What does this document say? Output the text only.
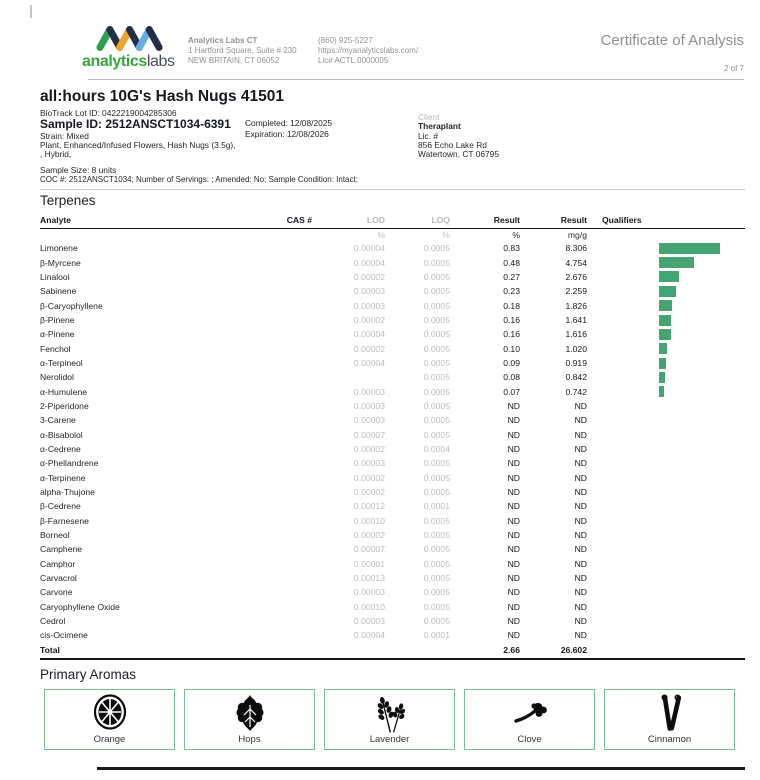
analyticslabs
Analytics Labs CT
1 Hartford Square, Suite # 230
NEW BRITAIN, CT 06052
(860) 925-5227
https://myanalyticslabs.com/
Lic# ACTL.0000005
Certificate of Analysis
2 of 7
all:hours 10G's Hash Nugs 41501
BioTrack Lot ID: 0422219004285306
Sample ID: 2512ANSCT1034-6391 Completed: 12/08/2025
Expiration: 12/08/2026
Strain: Mixed
Plant, Enhanced/Infused Flowers, Hash Nugs (3.5g),
, Hybrid,
Sample Size: 8 units
COC #: 2512ANSCT1034; Number of Servings: ; Amended: No; Sample Condition: Intact;
Client
Theraplant
Lic. #
856 Echo Lake Rd
Watertown, CT 06795
Terpenes
Analyte	CAS #	LOD	LOQ	Result	Result	Qualifiers
		%	%	%	mg/g	
Limonene		0.00004	0.0005	0.83	8.306	

β-Myrcene		0.00004	0.0005	0.48	4.754	

Linalool		0.00002	0.0005	0.27	2.676	

Sabinene		0.00003	0.0005	0.23	2.259	

β-Caryophyllene		0.00003	0.0005	0.18	1.826	

β-Pinene		0.00002	0.0005	0.16	1.641	

α-Pinene		0.00004	0.0005	0.16	1.616	

Fenchol		0.00002	0.0005	0.10	1.020	

α-Terpineol		0.00004	0.0005	0.09	0.919	

Nerolidol			0.0005	0.08	0.842	

α-Humulene		0.00003	0.0005	0.07	0.742	

2-Piperidone		0.00003	0.0005	ND	ND	
3-Carene		0.00003	0.0005	ND	ND	
α-Bisabolol		0.00007	0.0005	ND	ND	
α-Cedrene		0.00002	0.0004	ND	ND	
α-Phellandrene		0.00003	0.0005	ND	ND	
α-Terpinene		0.00002	0.0005	ND	ND	
alpha-Thujone		0.00002	0.0005	ND	ND	
β-Cedrene		0.00012	0.0001	ND	ND	
β-Farnesene		0.00010	0.0005	ND	ND	
Borneol		0.00002	0.0005	ND	ND	
Camphene		0.00007	0.0005	ND	ND	
Camphor		0.00001	0.0005	ND	ND	
Carvacrol		0.00013	0.0005	ND	ND	
Carvone		0.00003	0.0005	ND	ND	
Caryophyllene Oxide		0.00010	0.0005	ND	ND	
Cedrol		0.00003	0.0005	ND	ND	
cis-Ocimene		0.00004	0.0001	ND	ND	
Total				2.66	26.602	
Primary Aromas
Orange	Hops	Lavender	Clove	Cinnamon
